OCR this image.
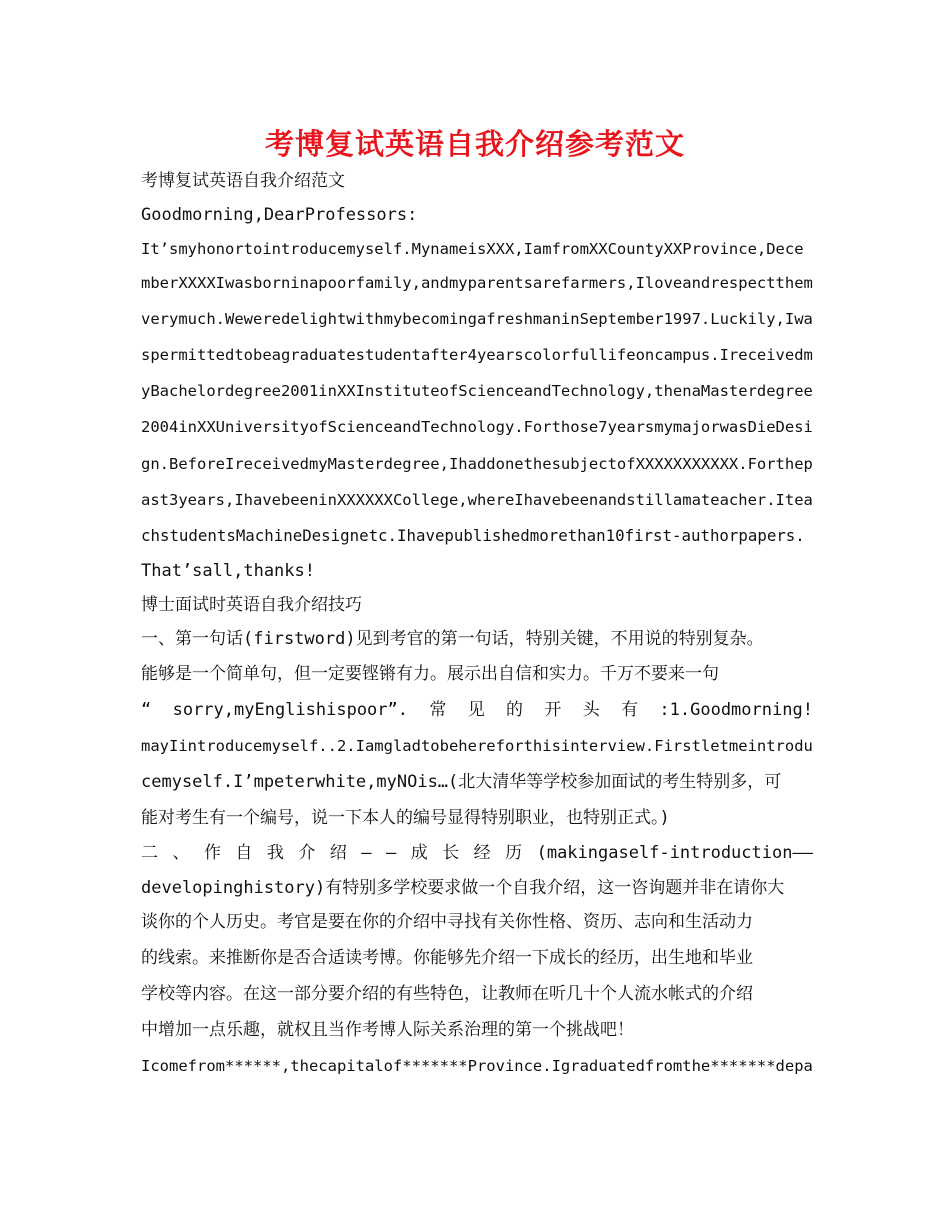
考博复试英语自我介绍参考范文
考博复试英语自我介绍范文
Goodmorning,DearProfessors:
It’smyhonortointroducemyself.MynameisXXX,IamfromXXCountyXXProvince,Dece
mberXXXXIwasborninapoorfamily,andmyparentsarefarmers,Iloveandrespectthem
verymuch.WeweredelightwithmybecomingafreshmaninSeptember1997.Luckily,Iwa
spermittedtobeagraduatestudentafter4yearscolorfullifeoncampus.Ireceivedm
yBachelordegree2001inXXInstituteofScienceandTechnology,thenaMasterdegree
2004inXXUniversityofScienceandTechnology.Forthose7yearsmymajorwasDieDesi
gn.BeforeIreceivedmyMasterdegree,IhaddonethesubjectofXXXXXXXXXXX.Forthep
ast3years,IhavebeeninXXXXXXCollege,whereIhavebeenandstillamateacher.Itea
chstudentsMachineDesignetc.Ihavepublishedmorethan10first-authorpapers.
That’sall,thanks!
博士面试时英语自我介绍技巧
一、第一句话(firstword)见到考官的第一句话，特别关键，不用说的特别复杂。
能够是一个简单句，但一定要铿锵有力。展示出自信和实力。千万不要来一句
“ sorry,myEnglishispoor”. 常 见 的 开 头 有 :1.Goodmorning!
mayIintroducemyself..2.Iamgladtobehereforthisinterview.Firstletmeintrodu
cemyself.I’mpeterwhite,myNOis…(北大清华等学校参加面试的考生特别多，可
能对考生有一个编号，说一下本人的编号显得特别职业，也特别正式。)
二 、 作 自 我 介 绍 — — 成 长 经 历 (makingaself-introduction——
developinghistory)有特别多学校要求做一个自我介绍，这一咨询题并非在请你大
谈你的个人历史。考官是要在你的介绍中寻找有关你性格、资历、志向和生活动力
的线索。来推断你是否合适读考博。你能够先介绍一下成长的经历，出生地和毕业
学校等内容。在这一部分要介绍的有些特色，让教师在听几十个人流水帐式的介绍
中增加一点乐趣，就权且当作考博人际关系治理的第一个挑战吧！
Icomefrom******,thecapitalof*******Province.Igraduatedfromthe*******depa
